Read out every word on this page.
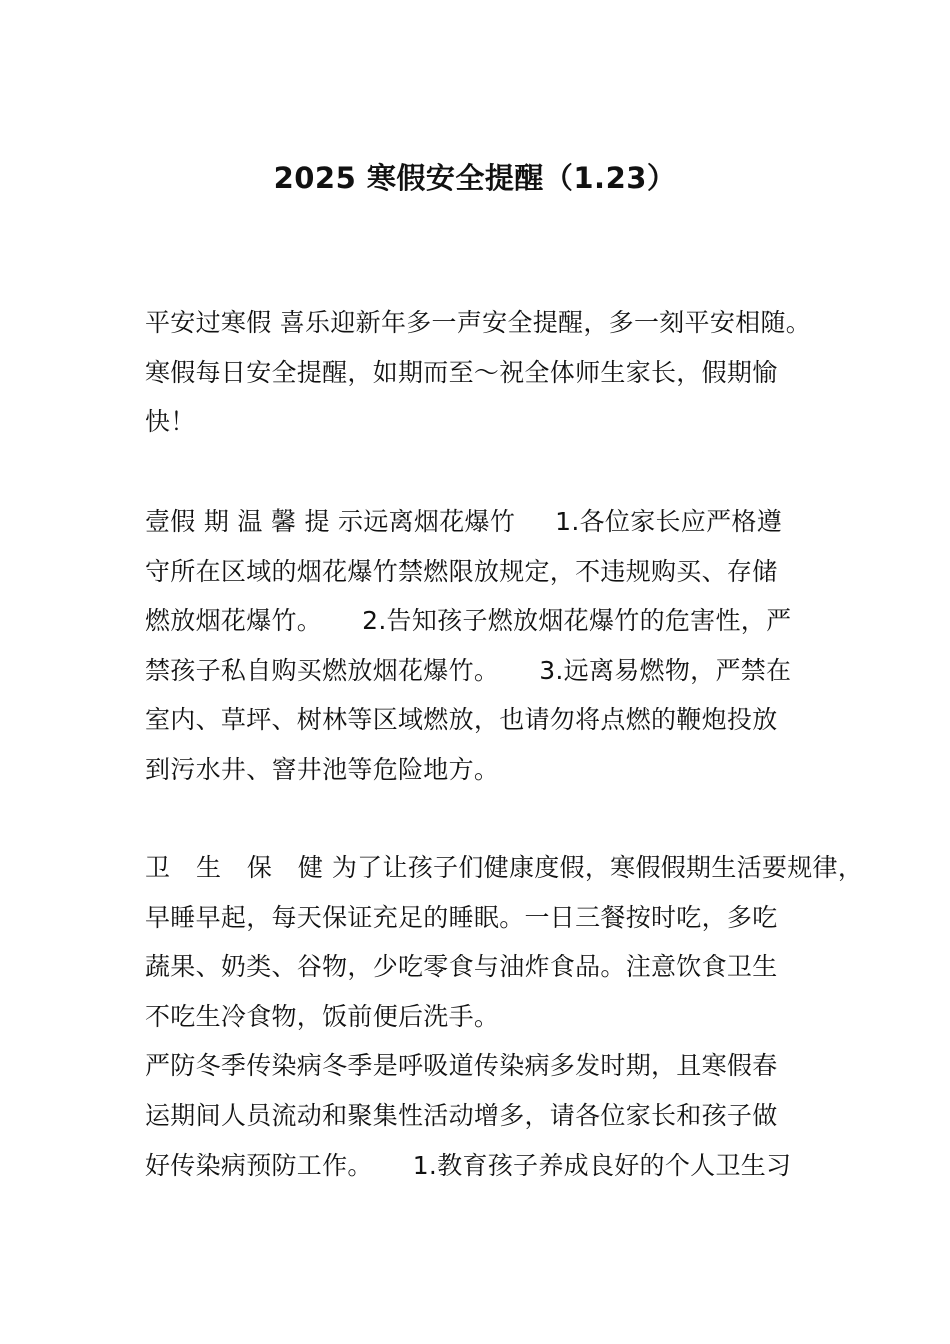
2025 寒假安全提醒（1.23）
平安过寒假 喜乐迎新年多一声安全提醒，多一刻平安相随。
寒假每日安全提醒，如期而至～祝全体师生家长，假期愉
快！
壹假 期 温 馨 提 示远离烟花爆竹 1.各位家长应严格遵
守所在区域的烟花爆竹禁燃限放规定，不违规购买、存储
燃放烟花爆竹。 2.告知孩子燃放烟花爆竹的危害性，严
禁孩子私自购买燃放烟花爆竹。 3.远离易燃物，严禁在
室内、草坪、树林等区域燃放，也请勿将点燃的鞭炮投放
到污水井、窨井池等危险地方。
卫 生 保 健为了让孩子们健康度假，寒假假期生活要规律，
早睡早起，每天保证充足的睡眠。一日三餐按时吃，多吃
蔬果、奶类、谷物，少吃零食与油炸食品。注意饮食卫生
不吃生冷食物，饭前便后洗手。
严防冬季传染病冬季是呼吸道传染病多发时期，且寒假春
运期间人员流动和聚集性活动增多，请各位家长和孩子做
好传染病预防工作。 1.教育孩子养成良好的个人卫生习
